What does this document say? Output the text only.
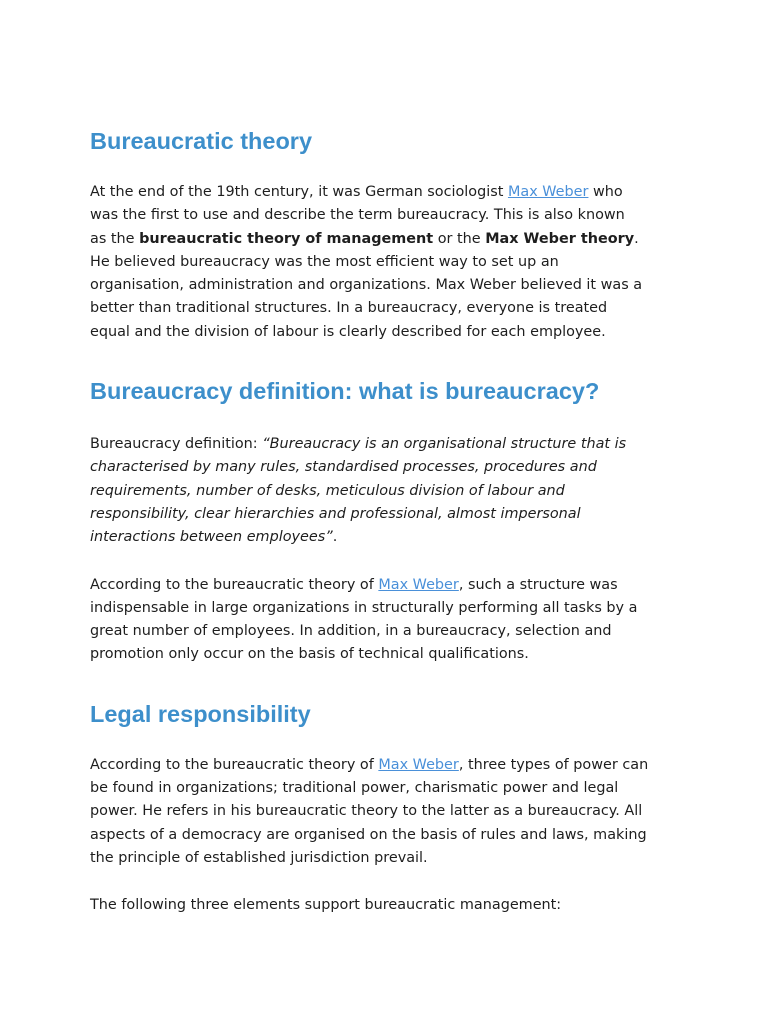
Bureaucratic theory

At the end of the 19th century, it was German sociologist Max Weber who
was the first to use and describe the term bureaucracy. This is also known
as the bureaucratic theory of management or the Max Weber theory.
He believed bureaucracy was the most efficient way to set up an
organisation, administration and organizations. Max Weber believed it was a
better than traditional structures. In a bureaucracy, everyone is treated
equal and the division of labour is clearly described for each employee.

Bureaucracy definition: what is bureaucracy?

Bureaucracy definition: “Bureaucracy is an organisational structure that is
characterised by many rules, standardised processes, procedures and
requirements, number of desks, meticulous division of labour and
responsibility, clear hierarchies and professional, almost impersonal
interactions between employees”.

According to the bureaucratic theory of Max Weber, such a structure was
indispensable in large organizations in structurally performing all tasks by a
great number of employees. In addition, in a bureaucracy, selection and
promotion only occur on the basis of technical qualifications.

Legal responsibility

According to the bureaucratic theory of Max Weber, three types of power can
be found in organizations; traditional power, charismatic power and legal
power. He refers in his bureaucratic theory to the latter as a bureaucracy. All
aspects of a democracy are organised on the basis of rules and laws, making
the principle of established jurisdiction prevail.

The following three elements support bureaucratic management:
